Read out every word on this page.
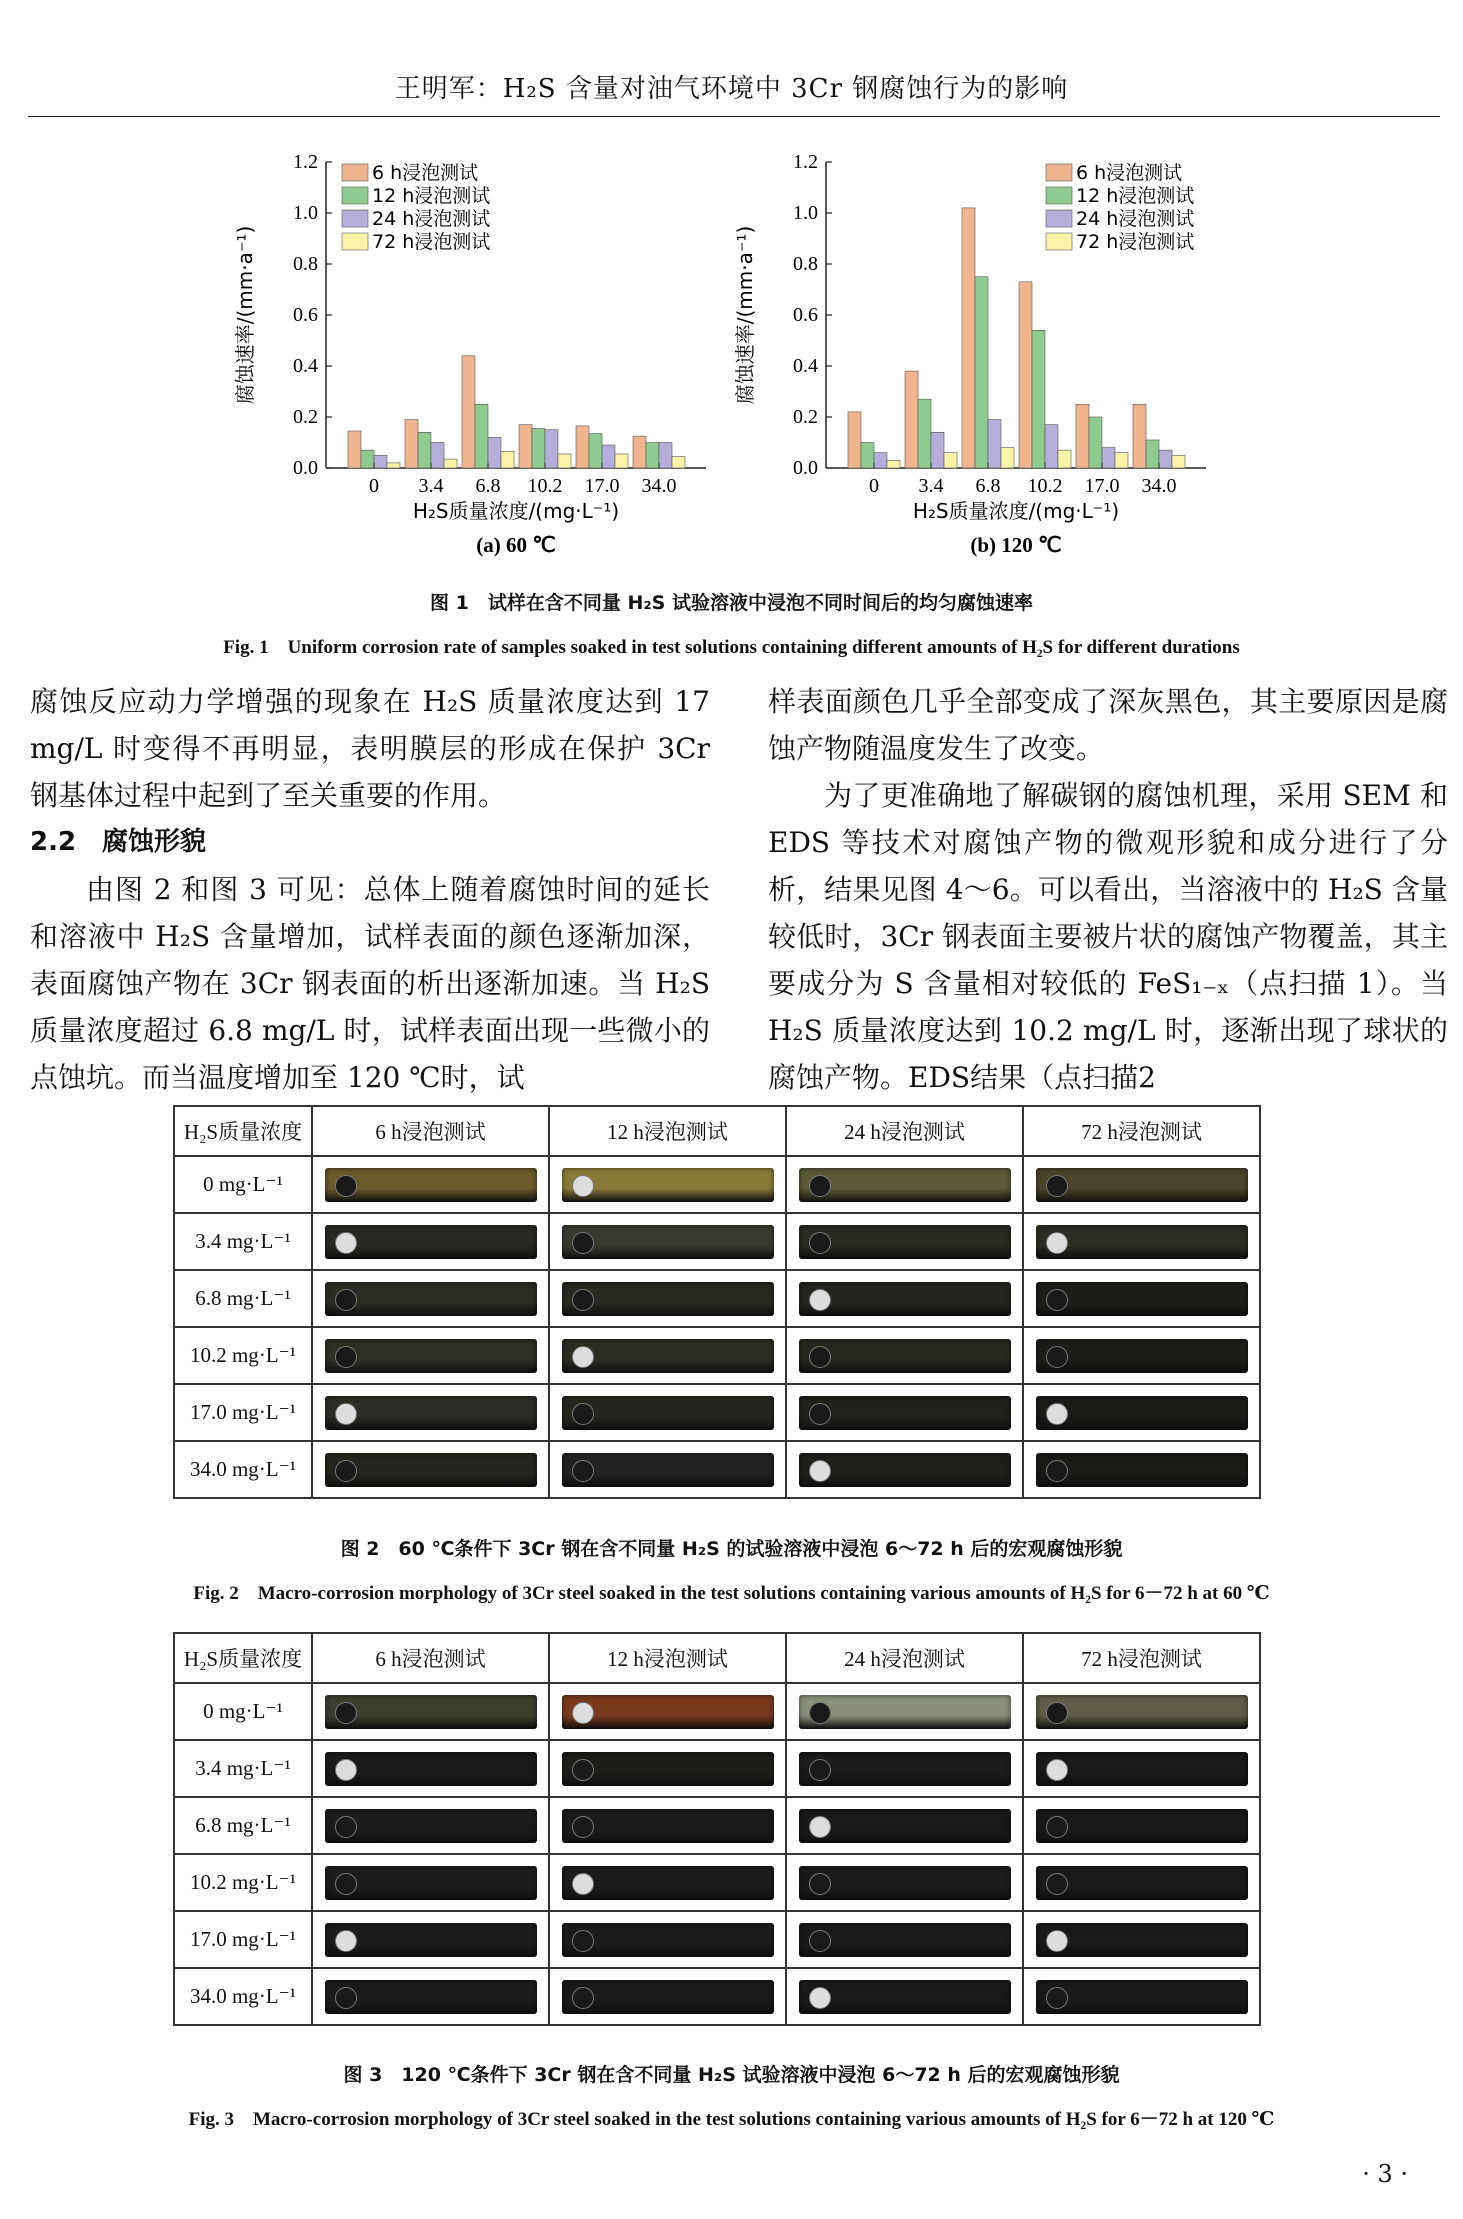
王明军：H₂S 含量对油气环境中 3Cr 钢腐蚀行为的影响
腐蚀速率/(mm·a⁻¹)
0.0
0.2
0.4
0.6
0.8
1.0
1.2
0 3.4 6.8 10.2 17.0 34.0
H₂S质量浓度/(mg·L⁻¹)
(a) 60 ℃
6 h浸泡测试
12 h浸泡测试
24 h浸泡测试
72 h浸泡测试	腐蚀速率/(mm·a⁻¹)
0.0
0.2
0.4
0.6
0.8
1.0
1.2
0 3.4 6.8 10.2 17.0 34.0
H₂S质量浓度/(mg·L⁻¹)
(b) 120 ℃
6 h浸泡测试
12 h浸泡测试
24 h浸泡测试
72 h浸泡测试
图 1　试样在含不同量 H₂S 试验溶液中浸泡不同时间后的均匀腐蚀速率
Fig. 1　Uniform corrosion rate of samples soaked in test solutions containing different amounts of H₂S for different durations

腐蚀反应动力学增强的现象在 H₂S 质量浓度达到 17 mg/L 时变得不再明显，表明膜层的形成在保护 3Cr 钢基体过程中起到了至关重要的作用。

2.2　腐蚀形貌

由图 2 和图 3 可见：总体上随着腐蚀时间的延长和溶液中 H₂S 含量增加，试样表面的颜色逐渐加深，表面腐蚀产物在 3Cr 钢表面的析出逐渐加速。当 H₂S 质量浓度超过 6.8 mg/L 时，试样表面出现一些微小的点蚀坑。而当温度增加至 120 ℃时，试

样表面颜色几乎全部变成了深灰黑色，其主要原因是腐蚀产物随温度发生了改变。

为了更准确地了解碳钢的腐蚀机理，采用 SEM 和 EDS 等技术对腐蚀产物的微观形貌和成分进行了分析，结果见图 4～6。可以看出，当溶液中的 H₂S 含量较低时，3Cr 钢表面主要被片状的腐蚀产物覆盖，其主要成分为 S 含量相对较低的 FeS₁₋ₓ（点扫描 1）。当 H₂S 质量浓度达到 10.2 mg/L 时，逐渐出现了球状的腐蚀产物。EDS结果（点扫描2

H₂S质量浓度	6 h浸泡测试	12 h浸泡测试	24 h浸泡测试	72 h浸泡测试
0 mg·L⁻¹	

3.4 mg·L⁻¹	

6.8 mg·L⁻¹	

10.2 mg·L⁻¹	

17.0 mg·L⁻¹	

34.0 mg·L⁻¹	

图 2　60 ℃条件下 3Cr 钢在含不同量 H₂S 的试验溶液中浸泡 6～72 h 后的宏观腐蚀形貌
Fig. 2　Macro-corrosion morphology of 3Cr steel soaked in the test solutions containing various amounts of H₂S for 6－72 h at 60 ℃
H₂S质量浓度	6 h浸泡测试	12 h浸泡测试	24 h浸泡测试	72 h浸泡测试
0 mg·L⁻¹	

3.4 mg·L⁻¹	

6.8 mg·L⁻¹	

10.2 mg·L⁻¹	

17.0 mg·L⁻¹	

34.0 mg·L⁻¹	

图 3　120 ℃条件下 3Cr 钢在含不同量 H₂S 试验溶液中浸泡 6～72 h 后的宏观腐蚀形貌
Fig. 3　Macro-corrosion morphology of 3Cr steel soaked in the test solutions containing various amounts of H₂S for 6－72 h at 120 ℃
· 3 ·
